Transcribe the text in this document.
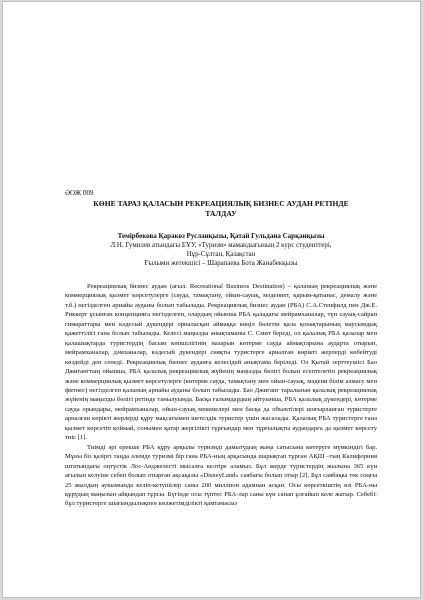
ӘОЖ 009

КӨНЕ ТАРАЗ ҚАЛАСЫН РЕКРЕАЦИЯЛЫҚ БИЗНЕС АУДАН РЕТІНДЕ
ТАЛДАУ

Темірбекова Қаракөз Русланқызы, Қатай Гульдана Сарқанқызы

Л.Н. Гумилев атындағы ЕҰУ, «Туризм» мамандығының 2 курс студенттері,

Нұр-Сұлтан, Қазақстан

Ғылыми жетекшісі – Шарапаева Бота Жанабекқызы

Рекреациялық бизнес аудан (ағыл. Recreational Business Destination) – қаланың рекреациялық және коммерциялық қызмет көрсетулерге (сауда, тамақтану, ойын-сауық, мәдениет, қарым-қатынас, демалу және т.б.) негізделген арнайы ауданы болып табылады. Рекреациялық бизнес аудан (РБА) С.А.Стенфилд пен Дж.Е. Риккерт ұсынған концепцияға негізделген, олардың ойынша РБА қаладағы мейрамханалар, түн сауық-сайран гимараттары мен кәдесый дүкендері орналасқан аймаққа көңіл бөлетін қала қонақтарының маусымдық қажеттілігі ғана болып табылады. Келесі маңызды анықтаманы С. Смит береді, ол қалалық РБА қалалар мен қалашықтарда туристердің басым көпшілігінің назарын көтерме сауда аймақтарына аударта отырып, мейрамханалар, дәмханалар, кәдесый дүкендері сияқты туристерге арналған көрікті жерлерді көбейтуді көздейді деп сенеді. Рекреациялық бизнес ауданға келесідей анықтама беріледі. Оз Қытай зерттеушісі Бао Джигангтың ойынша, РБА қалалық рекреациялық жүйенің маңызды бөлігі болып есептелетін рекреациялық және коммерциялық қызмет көрсетулерге (көтерме сауда, тамақтану мен ойын-сауық, мәдени білім алмасу мен фитнес) негізделген қаланың арнайы ауданы болып табылады. Бао Джиганг таралынан қалалық рекреациялық жүйенің маңызды бөлігі ретінде танылуында. Басқа ғалымдардың айтуынша, РБА қалалық дүкендері, көтерме сауда орындары, мейрамханалар, ойын-сауық мекемелері мен басқа да объектілері шоғырланған туристерге арналған көрікті жерлерді құру мақсатымен шетелдік туристер үшін жасалады. Қалалық РБА туристерге ғана қызмет көрсетіп қоймай, сонымен қатар жергілікті тұрғындар мен тұрғылықты аудандарға да қызмет көрсету тиіс [1].

Тиімді әрі ерекше РБА құру арқылы туризмді дамытудың жаңа сатысына көтеруге мүмкіндігі бар. Мұны біз қазіргі таңда әлемде туризмі бір ғана РБА-ның арқасында шарықтап тұрған АҚШ –тың Калифорния штатындағы оңтүстік Лос-Анджелесті мысалға келтіре аламыз. Бұл жерде туристердің жылына 365 күн ағылып келуіне себеп болып отырған ақсақалы «DisneyLand» саябағы болып отыр [2]. Бұл саябақка тек соңғы 25 жылдың аукымында келіп-кетушілер саны 200 миллион адамнан асқан. Осы көрсеткіштің өзі РБА-ны құрудың маңызын айқындап тұрсы. Бүгінде осы түптес РБА-лар саны күн санап ұлғайып келе жатыр. Себебі: бұл туристерге шығындылықпен көлжетімділікті қамтамасыз
